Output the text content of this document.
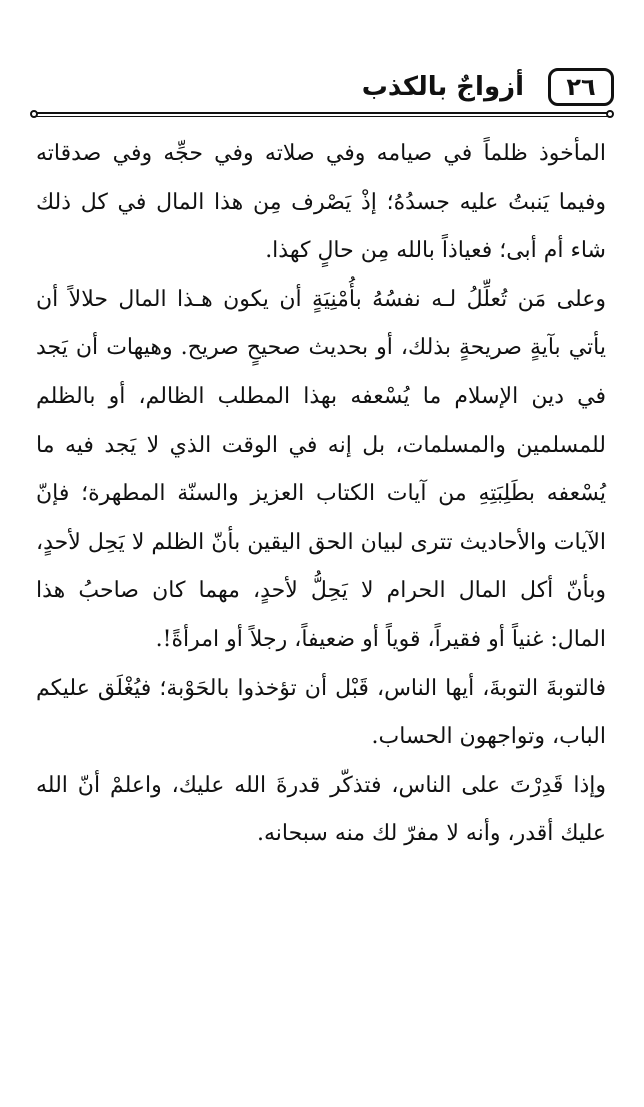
٢٦
أزواجٌ بالكذب

المأخوذ ظلماً في صيامه وفي صلاته وفي حجِّه وفي صدقاته وفيما يَنبتُ عليه جسدُهُ؛ إذْ يَصْرف مِن هذا المال في كل ذلك شاء أم أبى؛ فعياذاً بالله مِن حالٍ كهذا.

وعلى مَن تُعلِّلُ لـه نفسُهُ بأُمْنِيَةٍ أن يكون هـذا المال حلالاً أن يأتي بآيةٍ صريحةٍ بذلك، أو بحديث صحيحٍ صريح. وهيهات أن يَجد في دين الإسلام ما يُسْعفه بهذا المطلب الظالم، أو بالظلم للمسلمين والمسلمات، بل إنه في الوقت الذي لا يَجد فيه ما يُسْعفه بطَلِبَتِهِ من آيات الكتاب العزيز والسنّة المطهرة؛ فإنّ الآيات والأحاديث تترى لبيان الحق اليقين بأنّ الظلم لا يَحِل لأحدٍ، وبأنّ أكل المال الحرام لا يَحِلُّ لأحدٍ، مهما كان صاحبُ هذا المال: غنياً أو فقيراً، قوياً أو ضعيفاً، رجلاً أو امرأةً!.

فالتوبةَ التوبةَ، أيها الناس، قَبْل أن تؤخذوا بالحَوْبة؛ فيُغْلَق عليكم الباب، وتواجهون الحساب.

وإذا قَدِرْتَ على الناس، فتذكّر قدرةَ الله عليك، واعلمْ أنّ الله عليك أقدر، وأنه لا مفرّ لك منه سبحانه.
